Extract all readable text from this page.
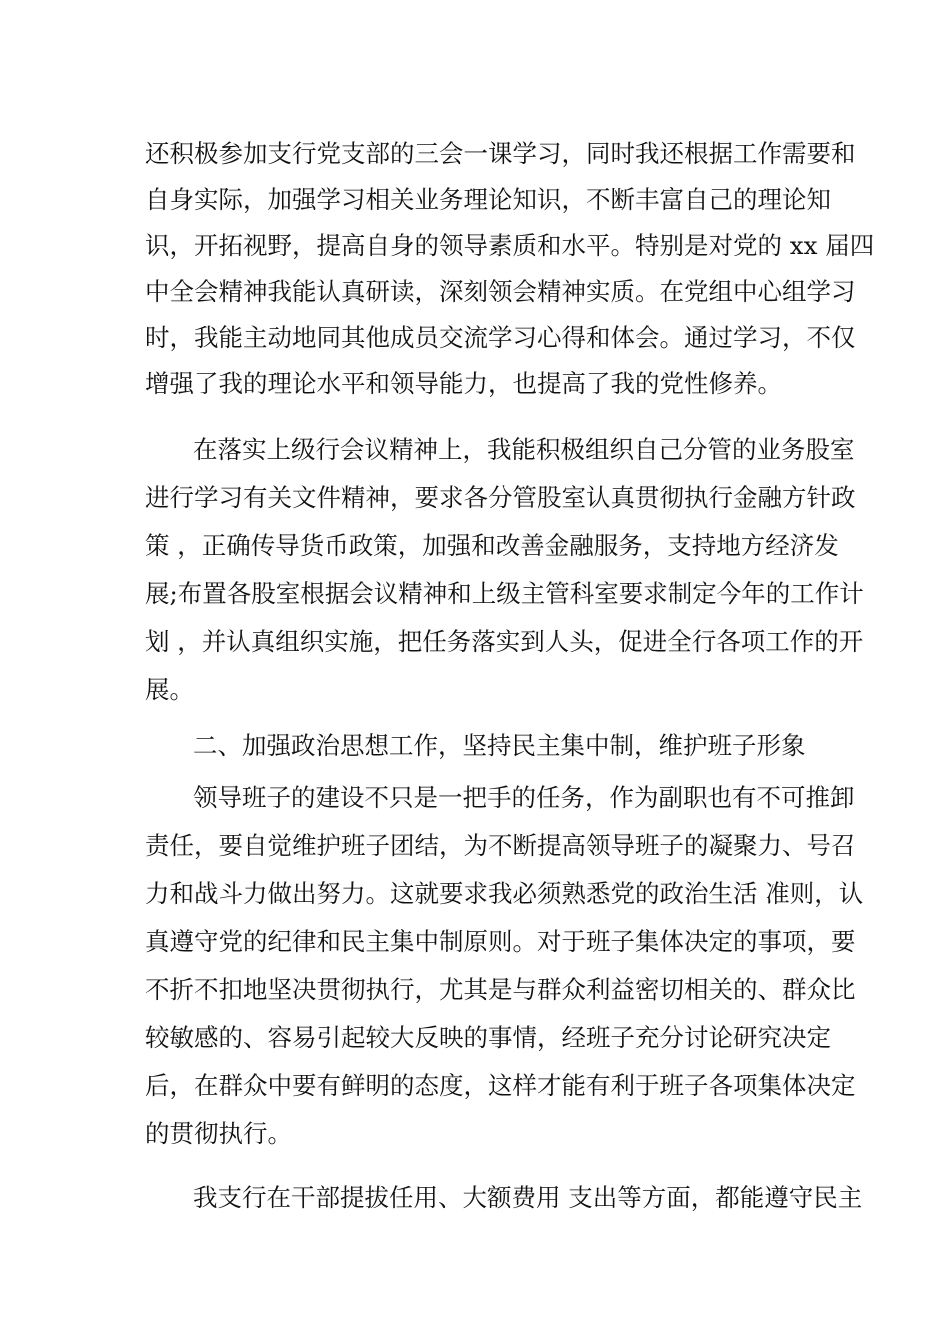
还积极参加支行党支部的三会一课学习，同时我还根据工作需要和
自身实际，加强学习相关业务理论知识，不断丰富自己的理论知
识，开拓视野，提高自身的领导素质和水平。特别是对党的 xx 届四
中全会精神我能认真研读，深刻领会精神实质。在党组中心组学习
时，我能主动地同其他成员交流学习心得和体会。通过学习，不仅
增强了我的理论水平和领导能力，也提高了我的党性修养。
在落实上级行会议精神上，我能积极组织自己分管的业务股室
进行学习有关文件精神，要求各分管股室认真贯彻执行金融方针政
策 ，正确传导货币政策，加强和改善金融服务，支持地方经济发
展;布置各股室根据会议精神和上级主管科室要求制定今年的工作计
划 ，并认真组织实施，把任务落实到人头，促进全行各项工作的开
展。
二、加强政治思想工作，坚持民主集中制，维护班子形象
领导班子的建设不只是一把手的任务，作为副职也有不可推卸
责任，要自觉维护班子团结，为不断提高领导班子的凝聚力、号召
力和战斗力做出努力。这就要求我必须熟悉党的政治生活 准则，认
真遵守党的纪律和民主集中制原则。对于班子集体决定的事项，要
不折不扣地坚决贯彻执行，尤其是与群众利益密切相关的、群众比
较敏感的、容易引起较大反映的事情，经班子充分讨论研究决定
后，在群众中要有鲜明的态度，这样才能有利于班子各项集体决定
的贯彻执行。
我支行在干部提拔任用、大额费用 支出等方面，都能遵守民主
